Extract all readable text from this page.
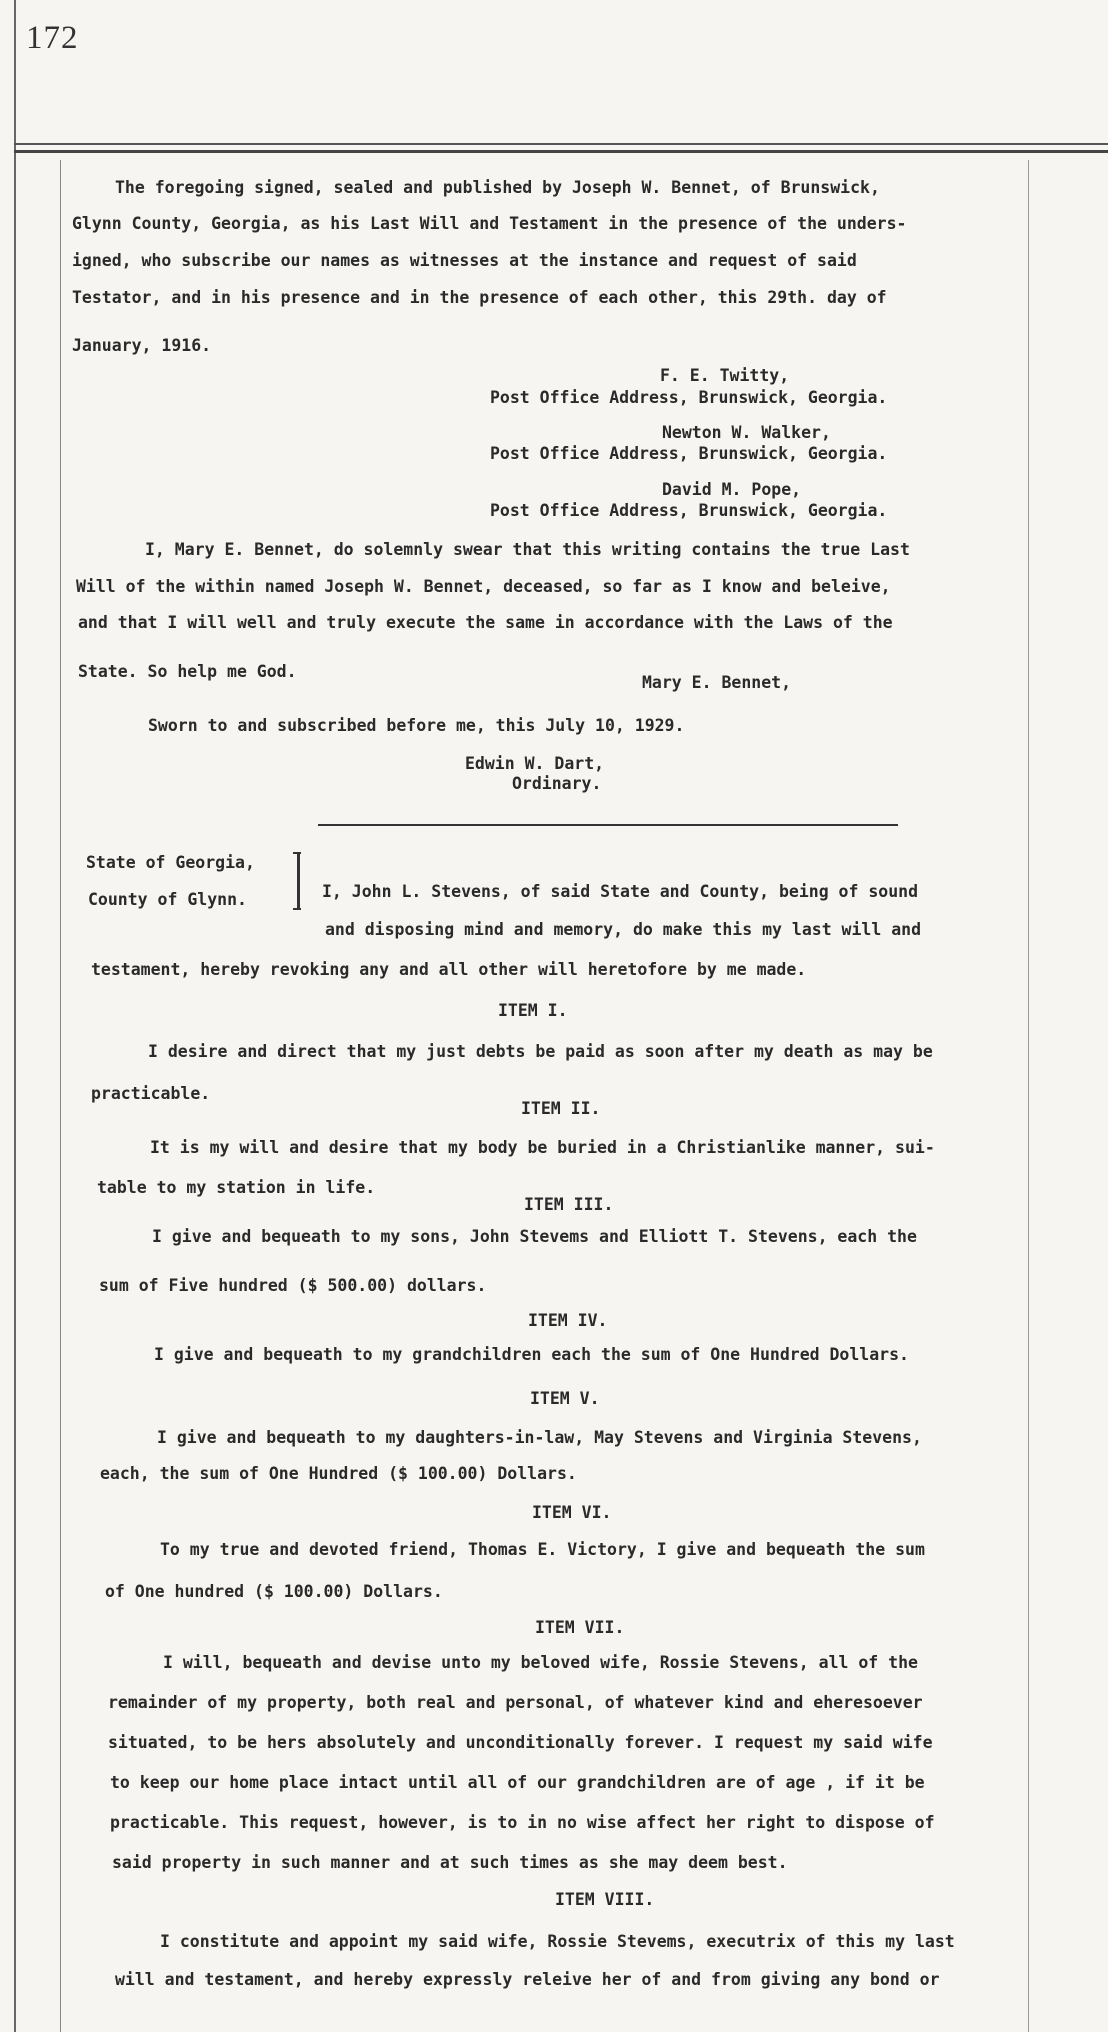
172
The foregoing signed, sealed and published by Joseph W. Bennet, of Brunswick,
Glynn County, Georgia, as his Last Will and Testament in the presence of the unders-
igned, who subscribe our names as witnesses at the instance and request of said
Testator, and in his presence and in the presence of each other, this 29th. day of
January, 1916.
F. E. Twitty,
Post Office Address, Brunswick, Georgia.
Newton W. Walker,
Post Office Address, Brunswick, Georgia.
David M. Pope,
Post Office Address, Brunswick, Georgia.
I, Mary E. Bennet, do solemnly swear that this writing contains the true Last
Will of the within named Joseph W. Bennet, deceased, so far as I know and beleive,
and that I will well and truly execute the same in accordance with the Laws of the
State. So help me God.
Mary E. Bennet,
Sworn to and subscribed before me, this July 10, 1929.
Edwin W. Dart,
Ordinary.
State of Georgia,
County of Glynn.	I, John L. Stevens, of said State and County, being of sound
and disposing mind and memory, do make this my last will and
testament, hereby revoking any and all other will heretofore by me made.
ITEM I.
I desire and direct that my just debts be paid as soon after my death as may be
practicable.
ITEM II.
It is my will and desire that my body be buried in a Christianlike manner, sui-
table to my station in life.
ITEM III.
I give and bequeath to my sons, John Stevems and Elliott T. Stevens, each the
sum of Five hundred ($ 500.00) dollars.
ITEM IV.
I give and bequeath to my grandchildren each the sum of One Hundred Dollars.
ITEM V.
I give and bequeath to my daughters-in-law, May Stevens and Virginia Stevens,
each, the sum of One Hundred ($ 100.00) Dollars.
ITEM VI.
To my true and devoted friend, Thomas E. Victory, I give and bequeath the sum
of One hundred ($ 100.00) Dollars.
ITEM VII.
I will, bequeath and devise unto my beloved wife, Rossie Stevens, all of the
remainder of my property, both real and personal, of whatever kind and eheresoever
situated, to be hers absolutely and unconditionally forever. I request my said wife
to keep our home place intact until all of our grandchildren are of age , if it be
practicable. This request, however, is to in no wise affect her right to dispose of
said property in such manner and at such times as she may deem best.
ITEM VIII.
I constitute and appoint my said wife, Rossie Stevems, executrix of this my last
will and testament, and hereby expressly releive her of and from giving any bond or
